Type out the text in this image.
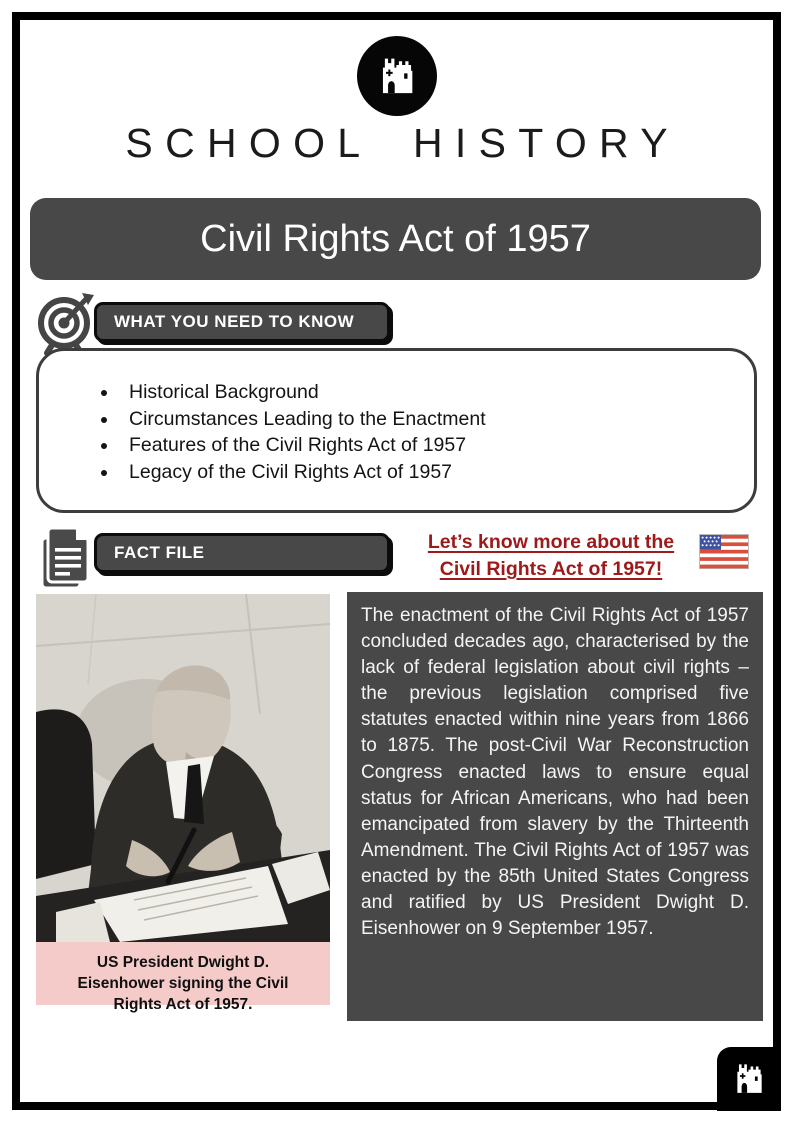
SCHOOL HISTORY
Civil Rights Act of 1957
WHAT YOU NEED TO KNOW
• Historical Background
• Circumstances Leading to the Enactment
• Features of the Civil Rights Act of 1957
• Legacy of the Civil Rights Act of 1957
FACT FILE	Let’s know more about the
Civil Rights Act of 1957!
US President Dwight D. Eisenhower signing the Civil Rights Act of 1957.

The enactment of the Civil Rights Act of 1957 concluded decades ago, characterised by the lack of federal legislation about civil rights – the previous legislation comprised five statutes enacted within nine years from 1866 to 1875. The post-Civil War Reconstruction Congress enacted laws to ensure equal status for African Americans, who had been emancipated from slavery by the Thirteenth Amendment. The Civil Rights Act of 1957 was enacted by the 85th United States Congress and ratified by US President Dwight D. Eisenhower on 9 September 1957.
